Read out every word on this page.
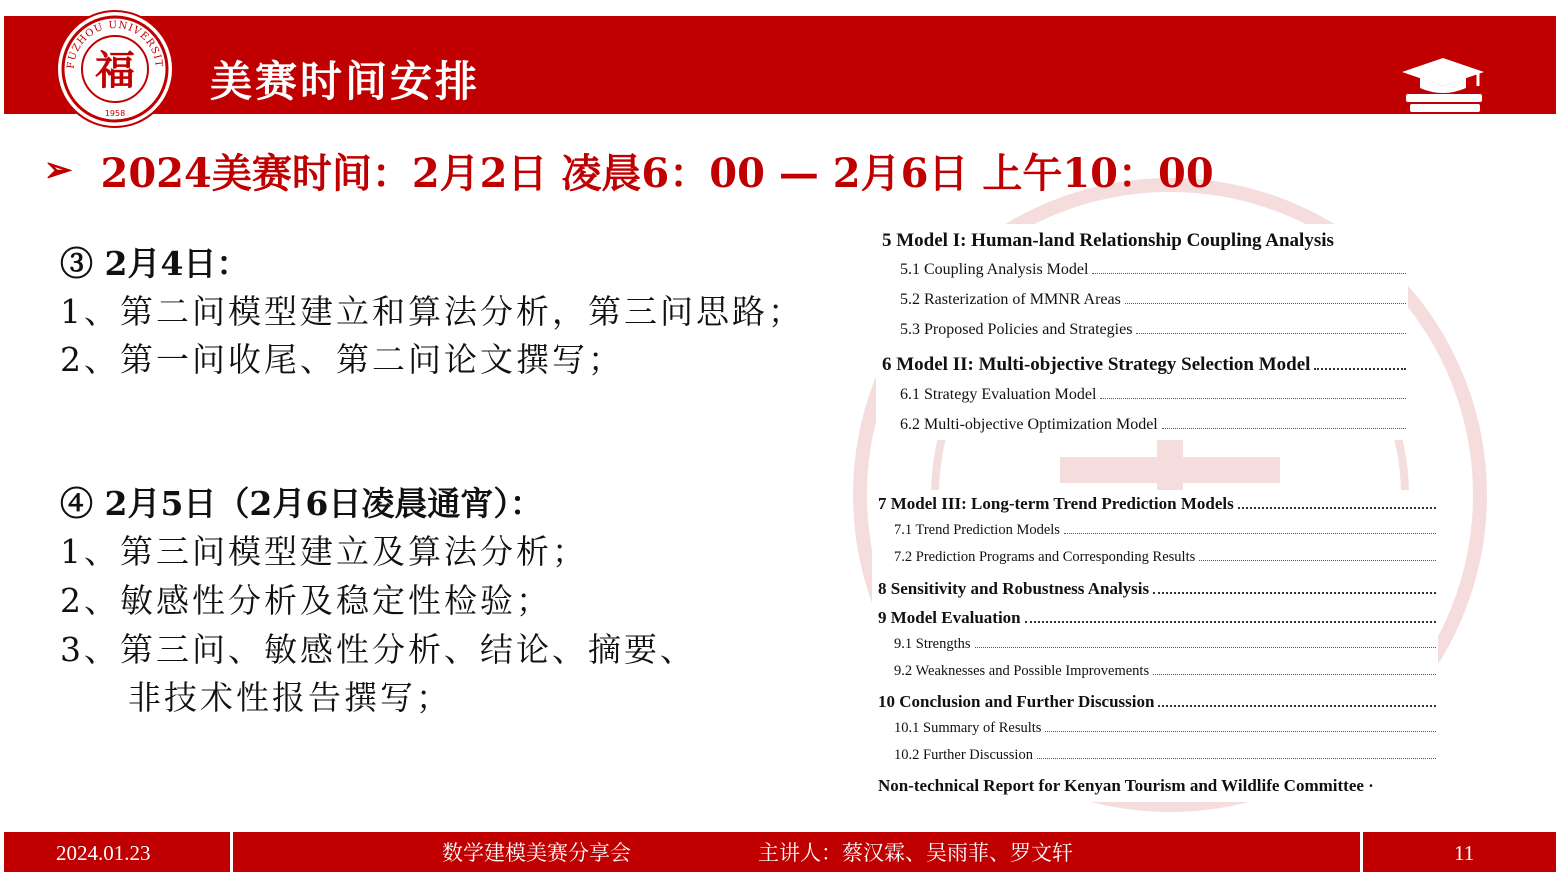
美赛时间安排
FUZHOU UNIVERSIT
福
1958
➢ 2024美赛时间：2月2日 凌晨6：00 — 2月6日 上午10：00
③ 2月4日：
1、第二问模型建立和算法分析，第三问思路；
2、第一问收尾、第二问论文撰写；
④ 2月5日（2月6日凌晨通宵）：
1、第三问模型建立及算法分析；
2、敏感性分析及稳定性检验；
3、第三问、敏感性分析、结论、摘要、
非技术性报告撰写；
5 Model I: Human-land Relationship Coupling Analysis
5.1 Coupling Analysis Model
5.2 Rasterization of MMNR Areas
5.3 Proposed Policies and Strategies
6 Model II: Multi-objective Strategy Selection Model
6.1 Strategy Evaluation Model
6.2 Multi-objective Optimization Model
7 Model III: Long-term Trend Prediction Models
7.1 Trend Prediction Models
7.2 Prediction Programs and Corresponding Results
8 Sensitivity and Robustness Analysis
9 Model Evaluation
9.1 Strengths
9.2 Weaknesses and Possible Improvements
10 Conclusion and Further Discussion
10.1 Summary of Results
10.2 Further Discussion
Non-technical Report for Kenyan Tourism and Wildlife Committee ·
2024.01.23	数学建模美赛分享会	主讲人：蔡汉霖、吴雨菲、罗文轩	11
